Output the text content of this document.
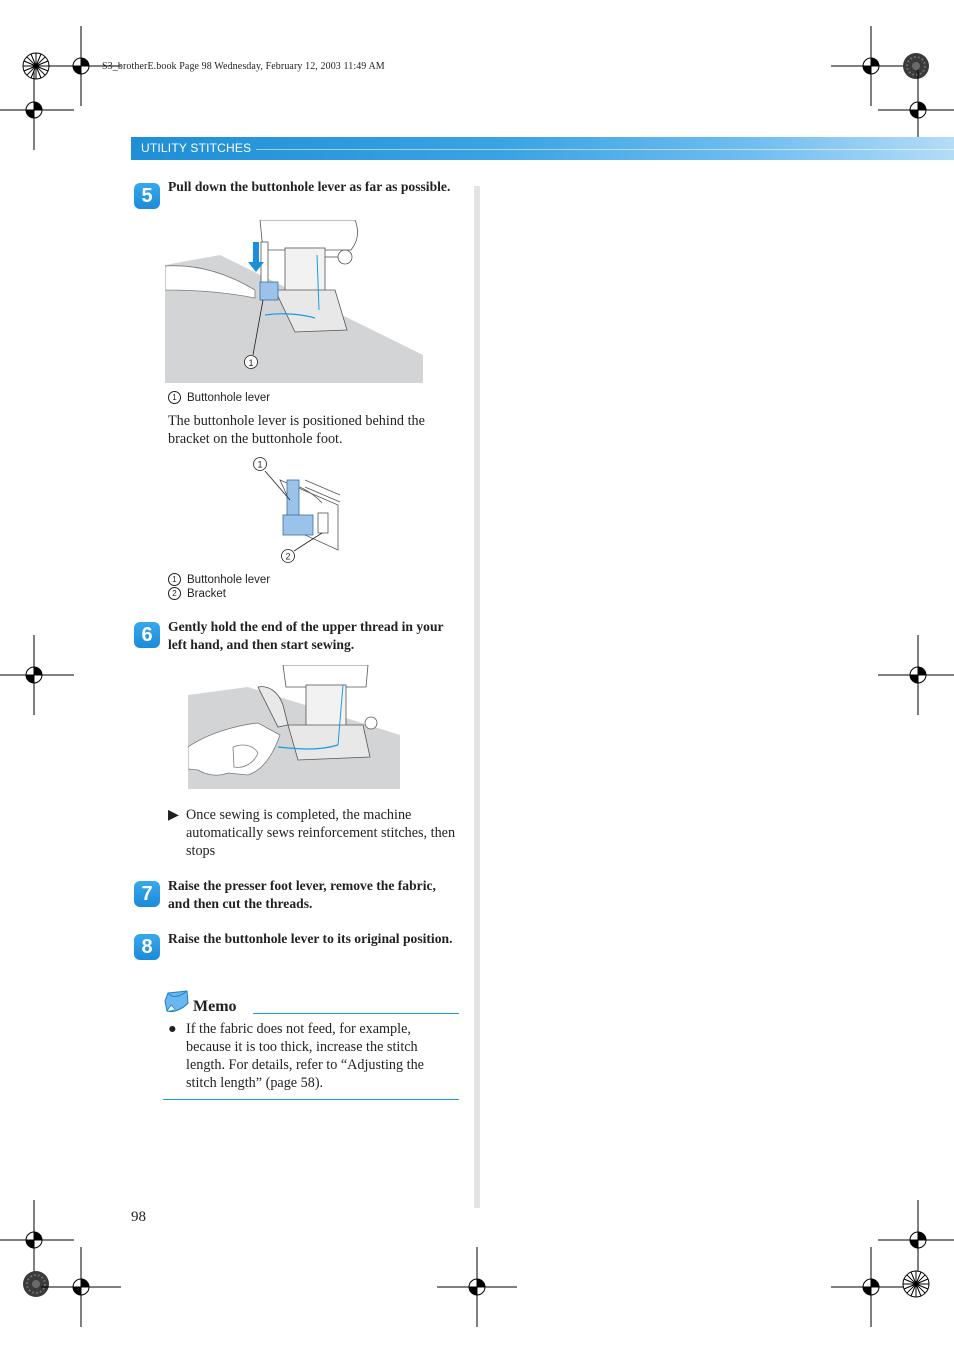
S3_brotherE.book Page 98 Wednesday, February 12, 2003 11:49 AM
UTILITY STITCHES
5	Pull down the buttonhole lever as far as possible.
1
1 Buttonhole lever
The buttonhole lever is positioned behind the bracket on the buttonhole foot.
1
2
1 Buttonhole lever
2 Bracket
6	Gently hold the end of the upper thread in your left hand, and then start sewing.
▶ Once sewing is completed, the machine automatically sews reinforcement stitches, then stops
7	Raise the presser foot lever, remove the fabric, and then cut the threads.
8	Raise the buttonhole lever to its original position.
Memo
● If the fabric does not feed, for example, because it is too thick, increase the stitch length. For details, refer to “Adjusting the stitch length” (page 58).
98
